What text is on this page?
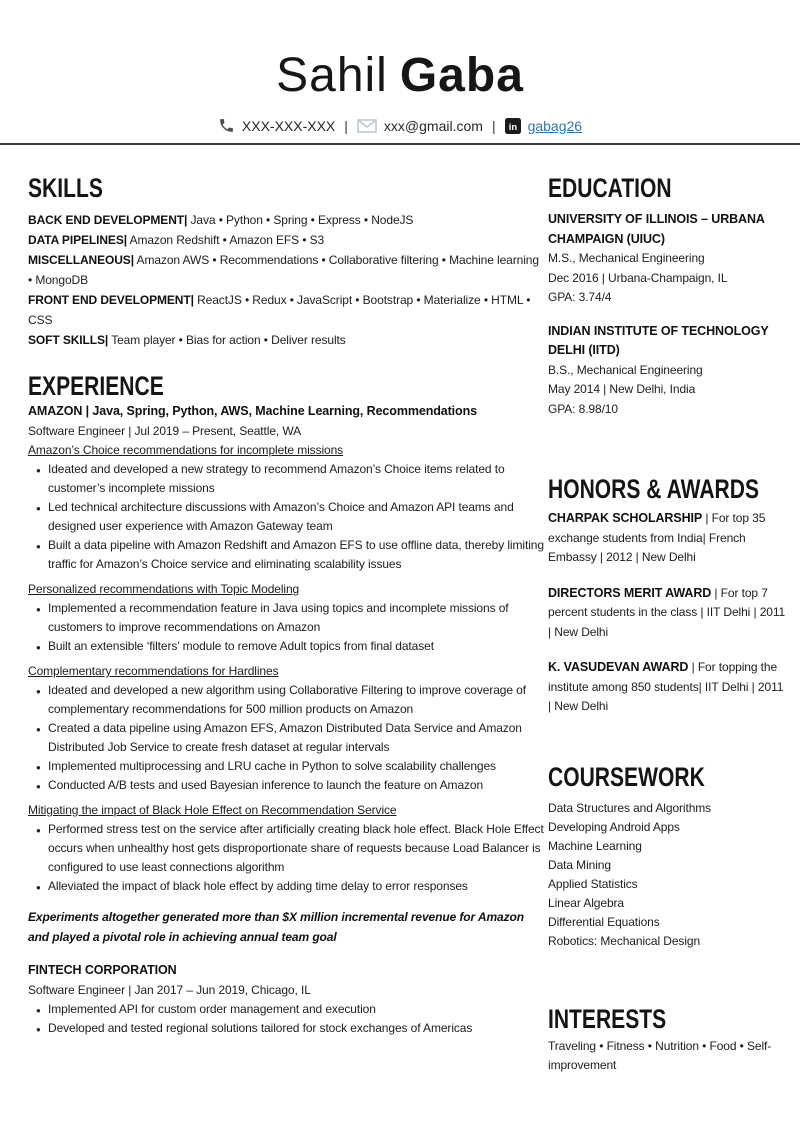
Sahil Gaba
XXX-XXX-XXX |	xxx@gmail.com | in gabag26
SKILLS

BACK END DEVELOPMENT| Java • Python • Spring • Express • NodeJS

DATA PIPELINES| Amazon Redshift • Amazon EFS • S3

MISCELLANEOUS| Amazon AWS • Recommendations • Collaborative filtering • Machine learning • MongoDB

FRONT END DEVELOPMENT| ReactJS • Redux • JavaScript • Bootstrap • Materialize • HTML • CSS

SOFT SKILLS| Team player • Bias for action • Deliver results

EXPERIENCE

AMAZON | Java, Spring, Python, AWS, Machine Learning, Recommendations

Software Engineer | Jul 2019 – Present, Seattle, WA

Amazon’s Choice recommendations for incomplete missions

● Ideated and developed a new strategy to recommend Amazon’s Choice items related to customer’s incomplete missions
● Led technical architecture discussions with Amazon’s Choice and Amazon API teams and designed user experience with Amazon Gateway team
● Built a data pipeline with Amazon Redshift and Amazon EFS to use offline data, thereby limiting traffic for Amazon’s Choice service and eliminating scalability issues

Personalized recommendations with Topic Modeling

● Implemented a recommendation feature in Java using topics and incomplete missions of customers to improve recommendations on Amazon
● Built an extensible ‘filters’ module to remove Adult topics from final dataset

Complementary recommendations for Hardlines

● Ideated and developed a new algorithm using Collaborative Filtering to improve coverage of complementary recommendations for 500 million products on Amazon
● Created a data pipeline using Amazon EFS, Amazon Distributed Data Service and Amazon Distributed Job Service to create fresh dataset at regular intervals
● Implemented multiprocessing and LRU cache in Python to solve scalability challenges
● Conducted A/B tests and used Bayesian inference to launch the feature on Amazon

Mitigating the impact of Black Hole Effect on Recommendation Service

● Performed stress test on the service after artificially creating black hole effect. Black Hole Effect occurs when unhealthy host gets disproportionate share of requests because Load Balancer is configured to use least connections algorithm
● Alleviated the impact of black hole effect by adding time delay to error responses

Experiments altogether generated more than $X million incremental revenue for Amazon and played a pivotal role in achieving annual team goal

FINTECH CORPORATION

Software Engineer | Jan 2017 – Jun 2019, Chicago, IL

● Implemented API for custom order management and execution
● Developed and tested regional solutions tailored for stock exchanges of Americas
EDUCATION

UNIVERSITY OF ILLINOIS – URBANA CHAMPAIGN (UIUC)

M.S., Mechanical Engineering

Dec 2016 | Urbana-Champaign, IL

GPA: 3.74/4

INDIAN INSTITUTE OF TECHNOLOGY DELHI (IITD)

B.S., Mechanical Engineering

May 2014 | New Delhi, India

GPA: 8.98/10

HONORS & AWARDS

CHARPAK SCHOLARSHIP | For top 35 exchange students from India| French Embassy | 2012 | New Delhi

DIRECTORS MERIT AWARD | For top 7 percent students in the class | IIT Delhi | 2011 | New Delhi

K. VASUDEVAN AWARD | For topping the institute among 850 students| IIT Delhi | 2011 | New Delhi

COURSEWORK

Data Structures and Algorithms

Developing Android Apps

Machine Learning

Data Mining

Applied Statistics

Linear Algebra

Differential Equations

Robotics: Mechanical Design

INTERESTS

Traveling • Fitness • Nutrition • Food • Self-improvement
